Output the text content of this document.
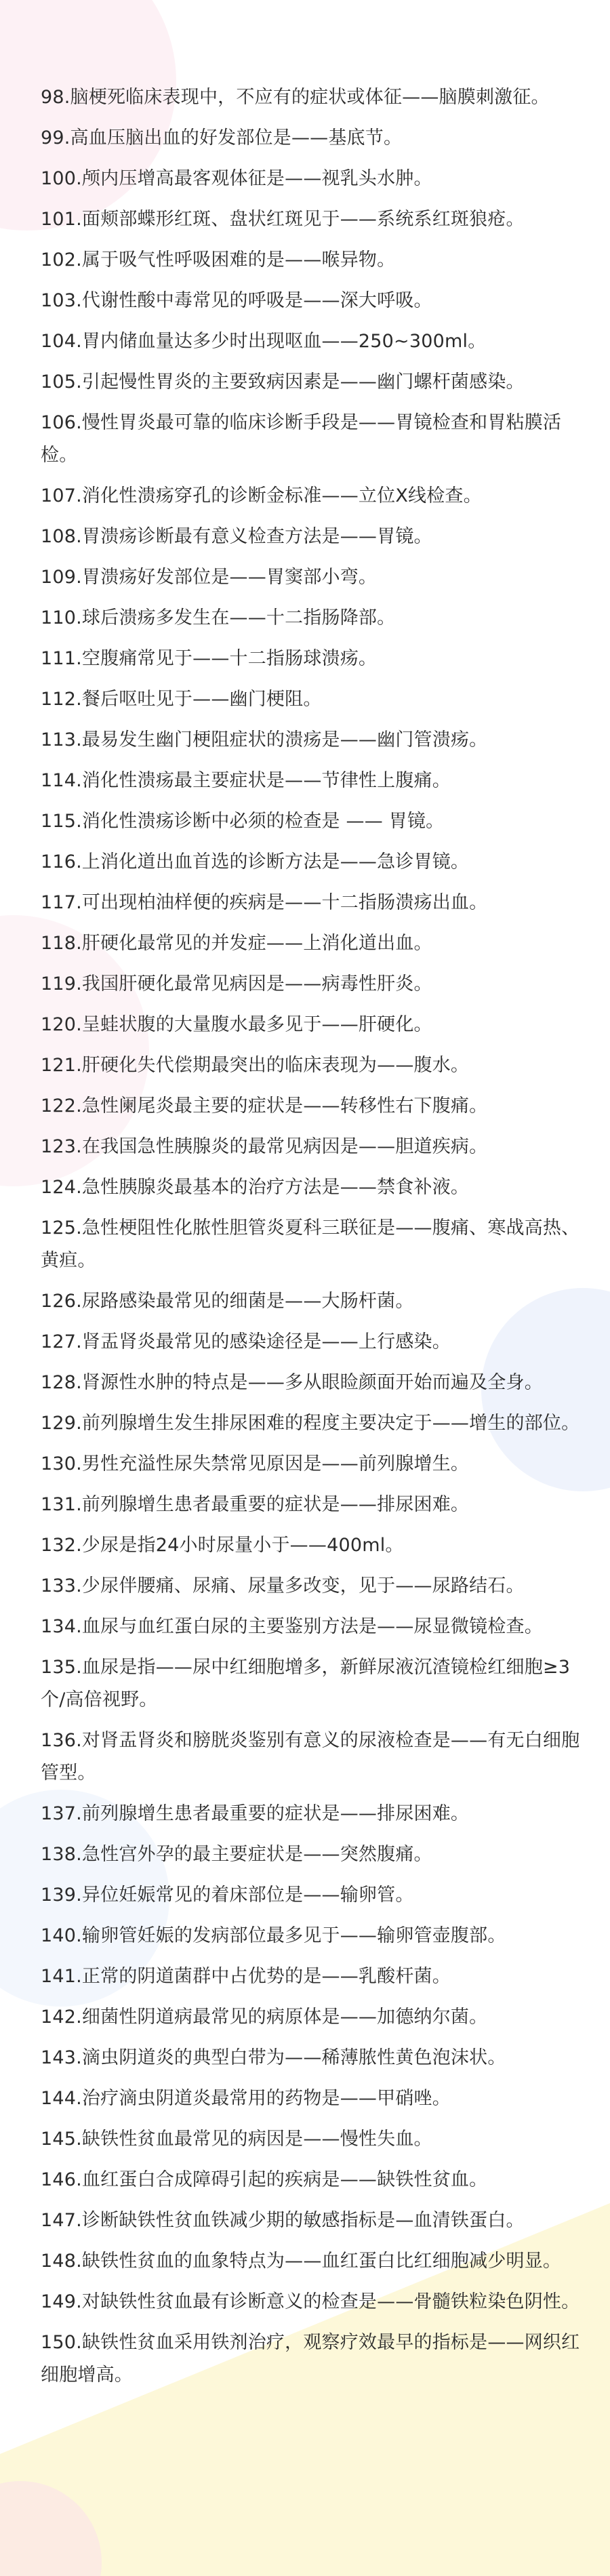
98.脑梗死临床表现中，不应有的症状或体征——脑膜刺激征。

99.高血压脑出血的好发部位是——基底节。

100.颅内压增高最客观体征是——视乳头水肿。

101.面颊部蝶形红斑、盘状红斑见于——系统系红斑狼疮。

102.属于吸气性呼吸困难的是——喉异物。

103.代谢性酸中毒常见的呼吸是——深大呼吸。

104.胃内储血量达多少时出现呕血——250~300ml。

105.引起慢性胃炎的主要致病因素是——幽门螺杆菌感染。

106.慢性胃炎最可靠的临床诊断手段是——胃镜检查和胃粘膜活检。

107.消化性溃疡穿孔的诊断金标准——立位X线检查。

108.胃溃疡诊断最有意义检查方法是——胃镜。

109.胃溃疡好发部位是——胃窦部小弯。

110.球后溃疡多发生在——十二指肠降部。

111.空腹痛常见于——十二指肠球溃疡。

112.餐后呕吐见于——幽门梗阻。

113.最易发生幽门梗阻症状的溃疡是——幽门管溃疡。

114.消化性溃疡最主要症状是——节律性上腹痛。

115.消化性溃疡诊断中必须的检查是 —— 胃镜。

116.上消化道出血首选的诊断方法是——急诊胃镜。

117.可出现柏油样便的疾病是——十二指肠溃疡出血。

118.肝硬化最常见的并发症——上消化道出血。

119.我国肝硬化最常见病因是——病毒性肝炎。

120.呈蛙状腹的大量腹水最多见于——肝硬化。

121.肝硬化失代偿期最突出的临床表现为——腹水。

122.急性阑尾炎最主要的症状是——转移性右下腹痛。

123.在我国急性胰腺炎的最常见病因是——胆道疾病。

124.急性胰腺炎最基本的治疗方法是——禁食补液。

125.急性梗阻性化脓性胆管炎夏科三联征是——腹痛、寒战高热、黄疸。

126.尿路感染最常见的细菌是——大肠杆菌。

127.肾盂肾炎最常见的感染途径是——上行感染。

128.肾源性水肿的特点是——多从眼睑颜面开始而遍及全身。

129.前列腺增生发生排尿困难的程度主要决定于——增生的部位。

130.男性充溢性尿失禁常见原因是——前列腺增生。

131.前列腺增生患者最重要的症状是——排尿困难。

132.少尿是指24小时尿量小于——400ml。

133.少尿伴腰痛、尿痛、尿量多改变，见于——尿路结石。

134.血尿与血红蛋白尿的主要鉴别方法是——尿显微镜检查。

135.血尿是指——尿中红细胞增多，新鲜尿液沉渣镜检红细胞≥3个/高倍视野。

136.对肾盂肾炎和膀胱炎鉴别有意义的尿液检查是——有无白细胞管型。

137.前列腺增生患者最重要的症状是——排尿困难。

138.急性宫外孕的最主要症状是——突然腹痛。

139.异位妊娠常见的着床部位是——输卵管。

140.输卵管妊娠的发病部位最多见于——输卵管壶腹部。

141.正常的阴道菌群中占优势的是——乳酸杆菌。

142.细菌性阴道病最常见的病原体是——加德纳尔菌。

143.滴虫阴道炎的典型白带为——稀薄脓性黄色泡沫状。

144.治疗滴虫阴道炎最常用的药物是——甲硝唑。

145.缺铁性贫血最常见的病因是——慢性失血。

146.血红蛋白合成障碍引起的疾病是——缺铁性贫血。

147.诊断缺铁性贫血铁减少期的敏感指标是—血清铁蛋白。

148.缺铁性贫血的血象特点为——血红蛋白比红细胞减少明显。

149.对缺铁性贫血最有诊断意义的检查是——骨髓铁粒染色阴性。

150.缺铁性贫血采用铁剂治疗，观察疗效最早的指标是——网织红细胞增高。
